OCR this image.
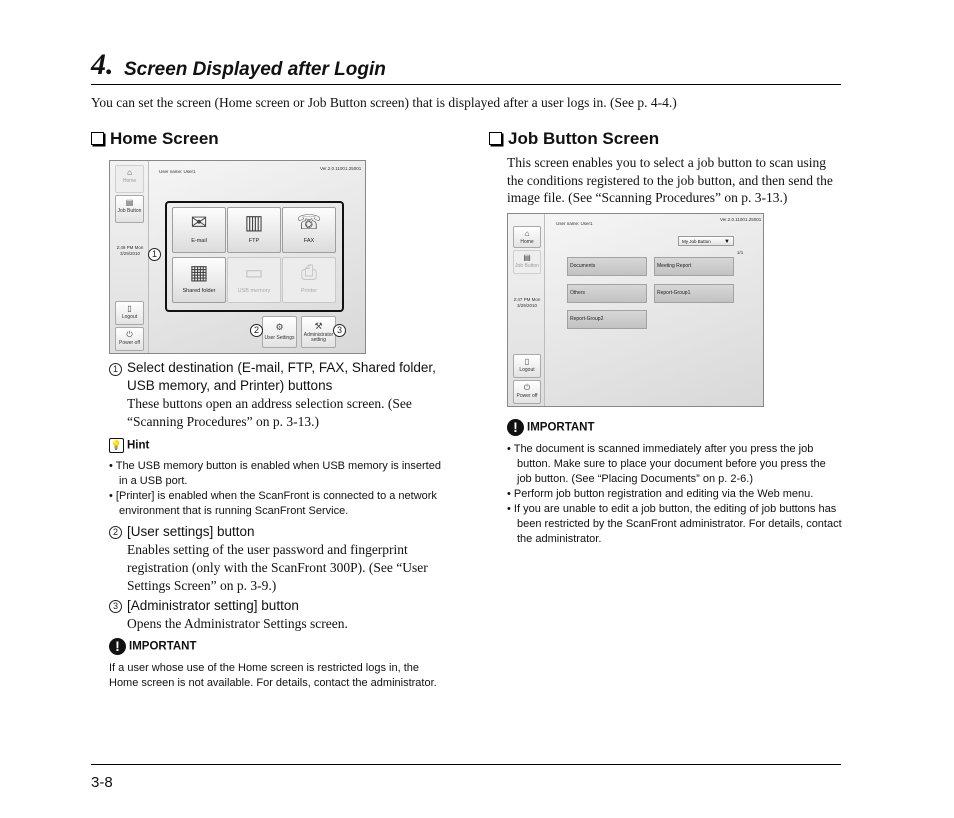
4. Screen Displayed after Login
You can set the screen (Home screen or Job Button screen) that is displayed after a user logs in. (See p. 4-4.)
Home Screen
⌂
Home
▤
Job Button
2:49 PM Mon
3/29/2010
▯
Logout
⏻
Power off
User name: User1
Ver.2.0.11001.25001
✉
E-mail
▥
FTP
☏
FAX
▦
Shared folder
▭
USB memory
⎙
Printer
1
⚙
User Settings
⚒
Administrator setting
2	3
1 Select destination (E-mail, FTP, FAX, Shared folder, USB memory, and Printer) buttons
These buttons open an address selection screen. (See “Scanning Procedures” on p. 3-13.)
💡 Hint
• The USB memory button is enabled when USB memory is inserted in a USB port.
• [Printer] is enabled when the ScanFront is connected to a network environment that is running ScanFront Service.
2 [User settings] button
Enables setting of the user password and fingerprint registration (only with the ScanFront 300P). (See “User Settings Screen” on p. 3-9.)
3 [Administrator setting] button
Opens the Administrator Settings screen.
! IMPORTANT
If a user whose use of the Home screen is restricted logs in, the Home screen is not available. For details, contact the administrator.
Job Button Screen
This screen enables you to select a job button to scan using the conditions registered to the job button, and then send the image file. (See “Scanning Procedures” on p. 3-13.)
⌂
Home
▤
Job Button
2:47 PM Mon
3/29/2010
▯
Logout
⏻
Power off
User name: User1
Ver.2.0.11001.25001
My Job Button ▼
1/1
Documents	Meeting Report
Others	Report-Group1
Report-Group2
! IMPORTANT
• The document is scanned immediately after you press the job button. Make sure to place your document before you press the job button. (See “Placing Documents” on p. 2-6.)
• Perform job button registration and editing via the Web menu.
• If you are unable to edit a job button, the editing of job buttons has been restricted by the ScanFront administrator. For details, contact the administrator.
3-8
